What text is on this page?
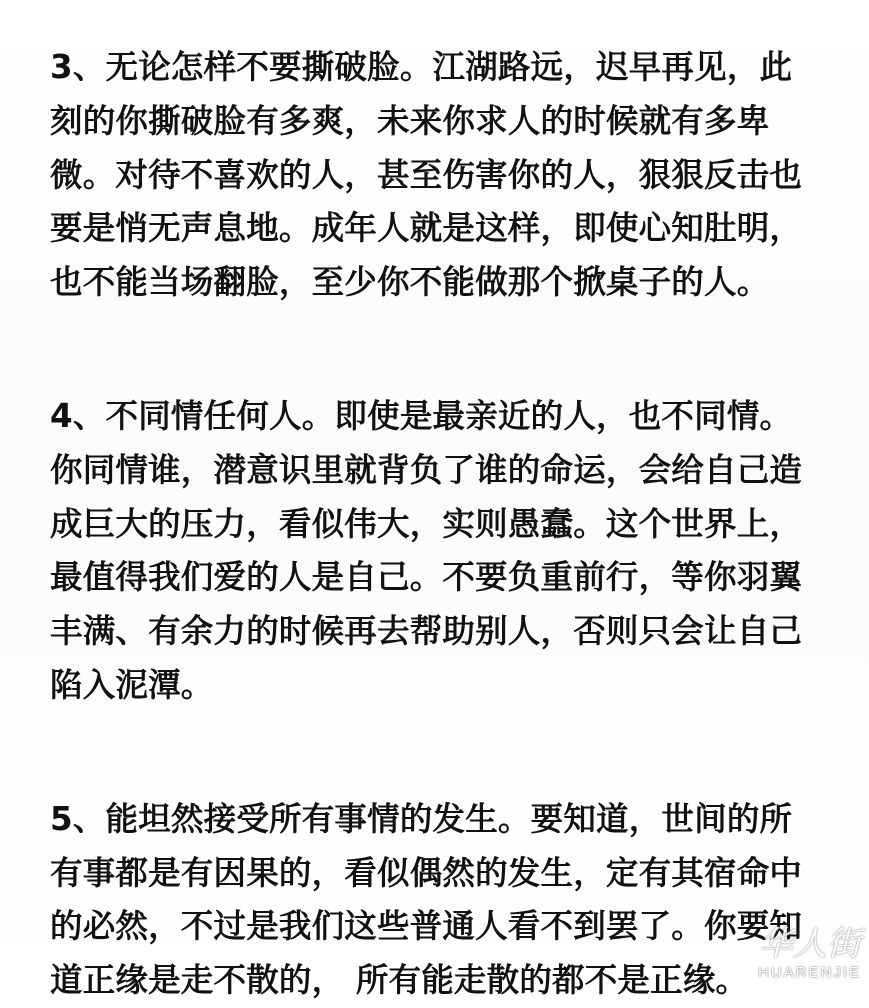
3、无论怎样不要撕破脸。江湖路远，迟早再见，此
刻的你撕破脸有多爽，未来你求人的时候就有多卑
微。对待不喜欢的人，甚至伤害你的人，狠狠反击也
要是悄无声息地。成年人就是这样，即使心知肚明，
也不能当场翻脸，至少你不能做那个掀桌子的人。

4、不同情任何人。即使是最亲近的人，也不同情。
你同情谁，潜意识里就背负了谁的命运，会给自己造
成巨大的压力，看似伟大，实则愚蠢。这个世界上，
最值得我们爱的人是自己。不要负重前行，等你羽翼
丰满、有余力的时候再去帮助别人，否则只会让自己
陷入泥潭。

5、能坦然接受所有事情的发生。要知道，世间的所
有事都是有因果的，看似偶然的发生，定有其宿命中
的必然，不过是我们这些普通人看不到罢了。你要知
道正缘是走不散的， 所有能走散的都不是正缘。

华人街
HUARENJIE
